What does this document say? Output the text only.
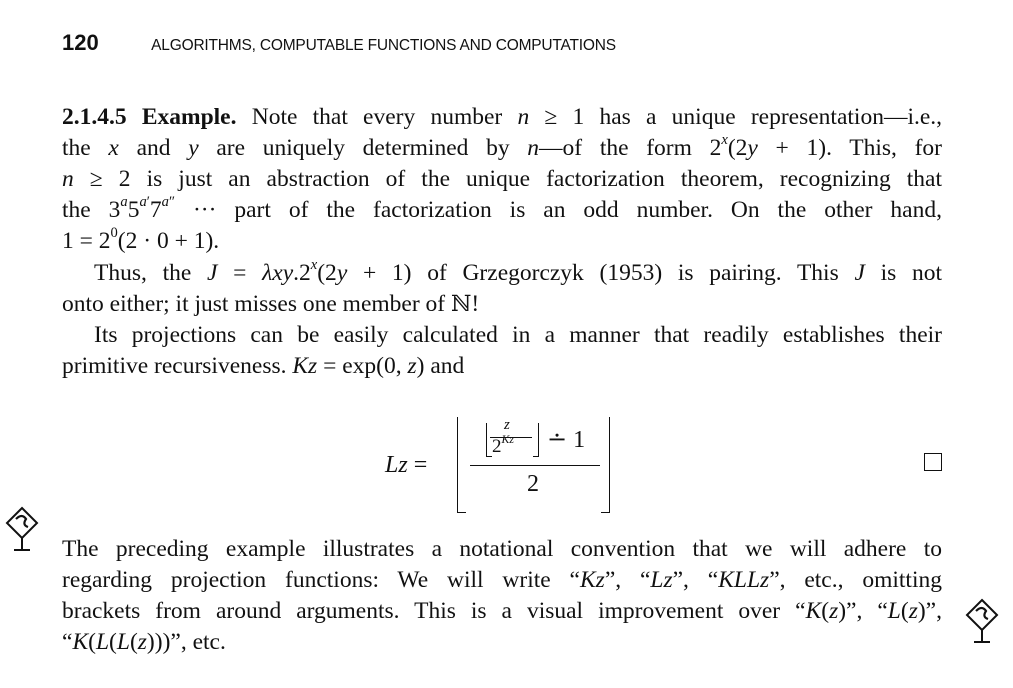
120	ALGORITHMS, COMPUTABLE FUNCTIONS AND COMPUTATIONS
2.1.4.5 Example. Note that every number n ≥ 1 has a unique representation—i.e.,
the x and y are uniquely determined by n—of the form $2^x(2y + 1)$. This, for
n ≥ 2 is just an abstraction of the unique factorization theorem, recognizing that
the $3^a5^{a'}7^{a''}$ ··· part of the factorization is an odd number. On the other hand,
$1 = 2^0(2 \cdot 0 + 1)$.
Thus, the $J = \lambda xy.2^x(2y + 1)$ of Grzegorczyk (1953) is pairing. This J is not
onto either; it just misses one member of ℕ!
Its projections can be easily calculated in a manner that readily establishes their
primitive recursiveness. Kz = exp(0, z) and
Lz =
z
$2^{Kz}$ ∸ 1
2
The preceding example illustrates a notational convention that we will adhere to
regarding projection functions: We will write “Kz”, “Lz”, “KLLz”, etc., omitting
brackets from around arguments. This is a visual improvement over “K(z)”, “L(z)”,
“K(L(L(z)))”, etc.
